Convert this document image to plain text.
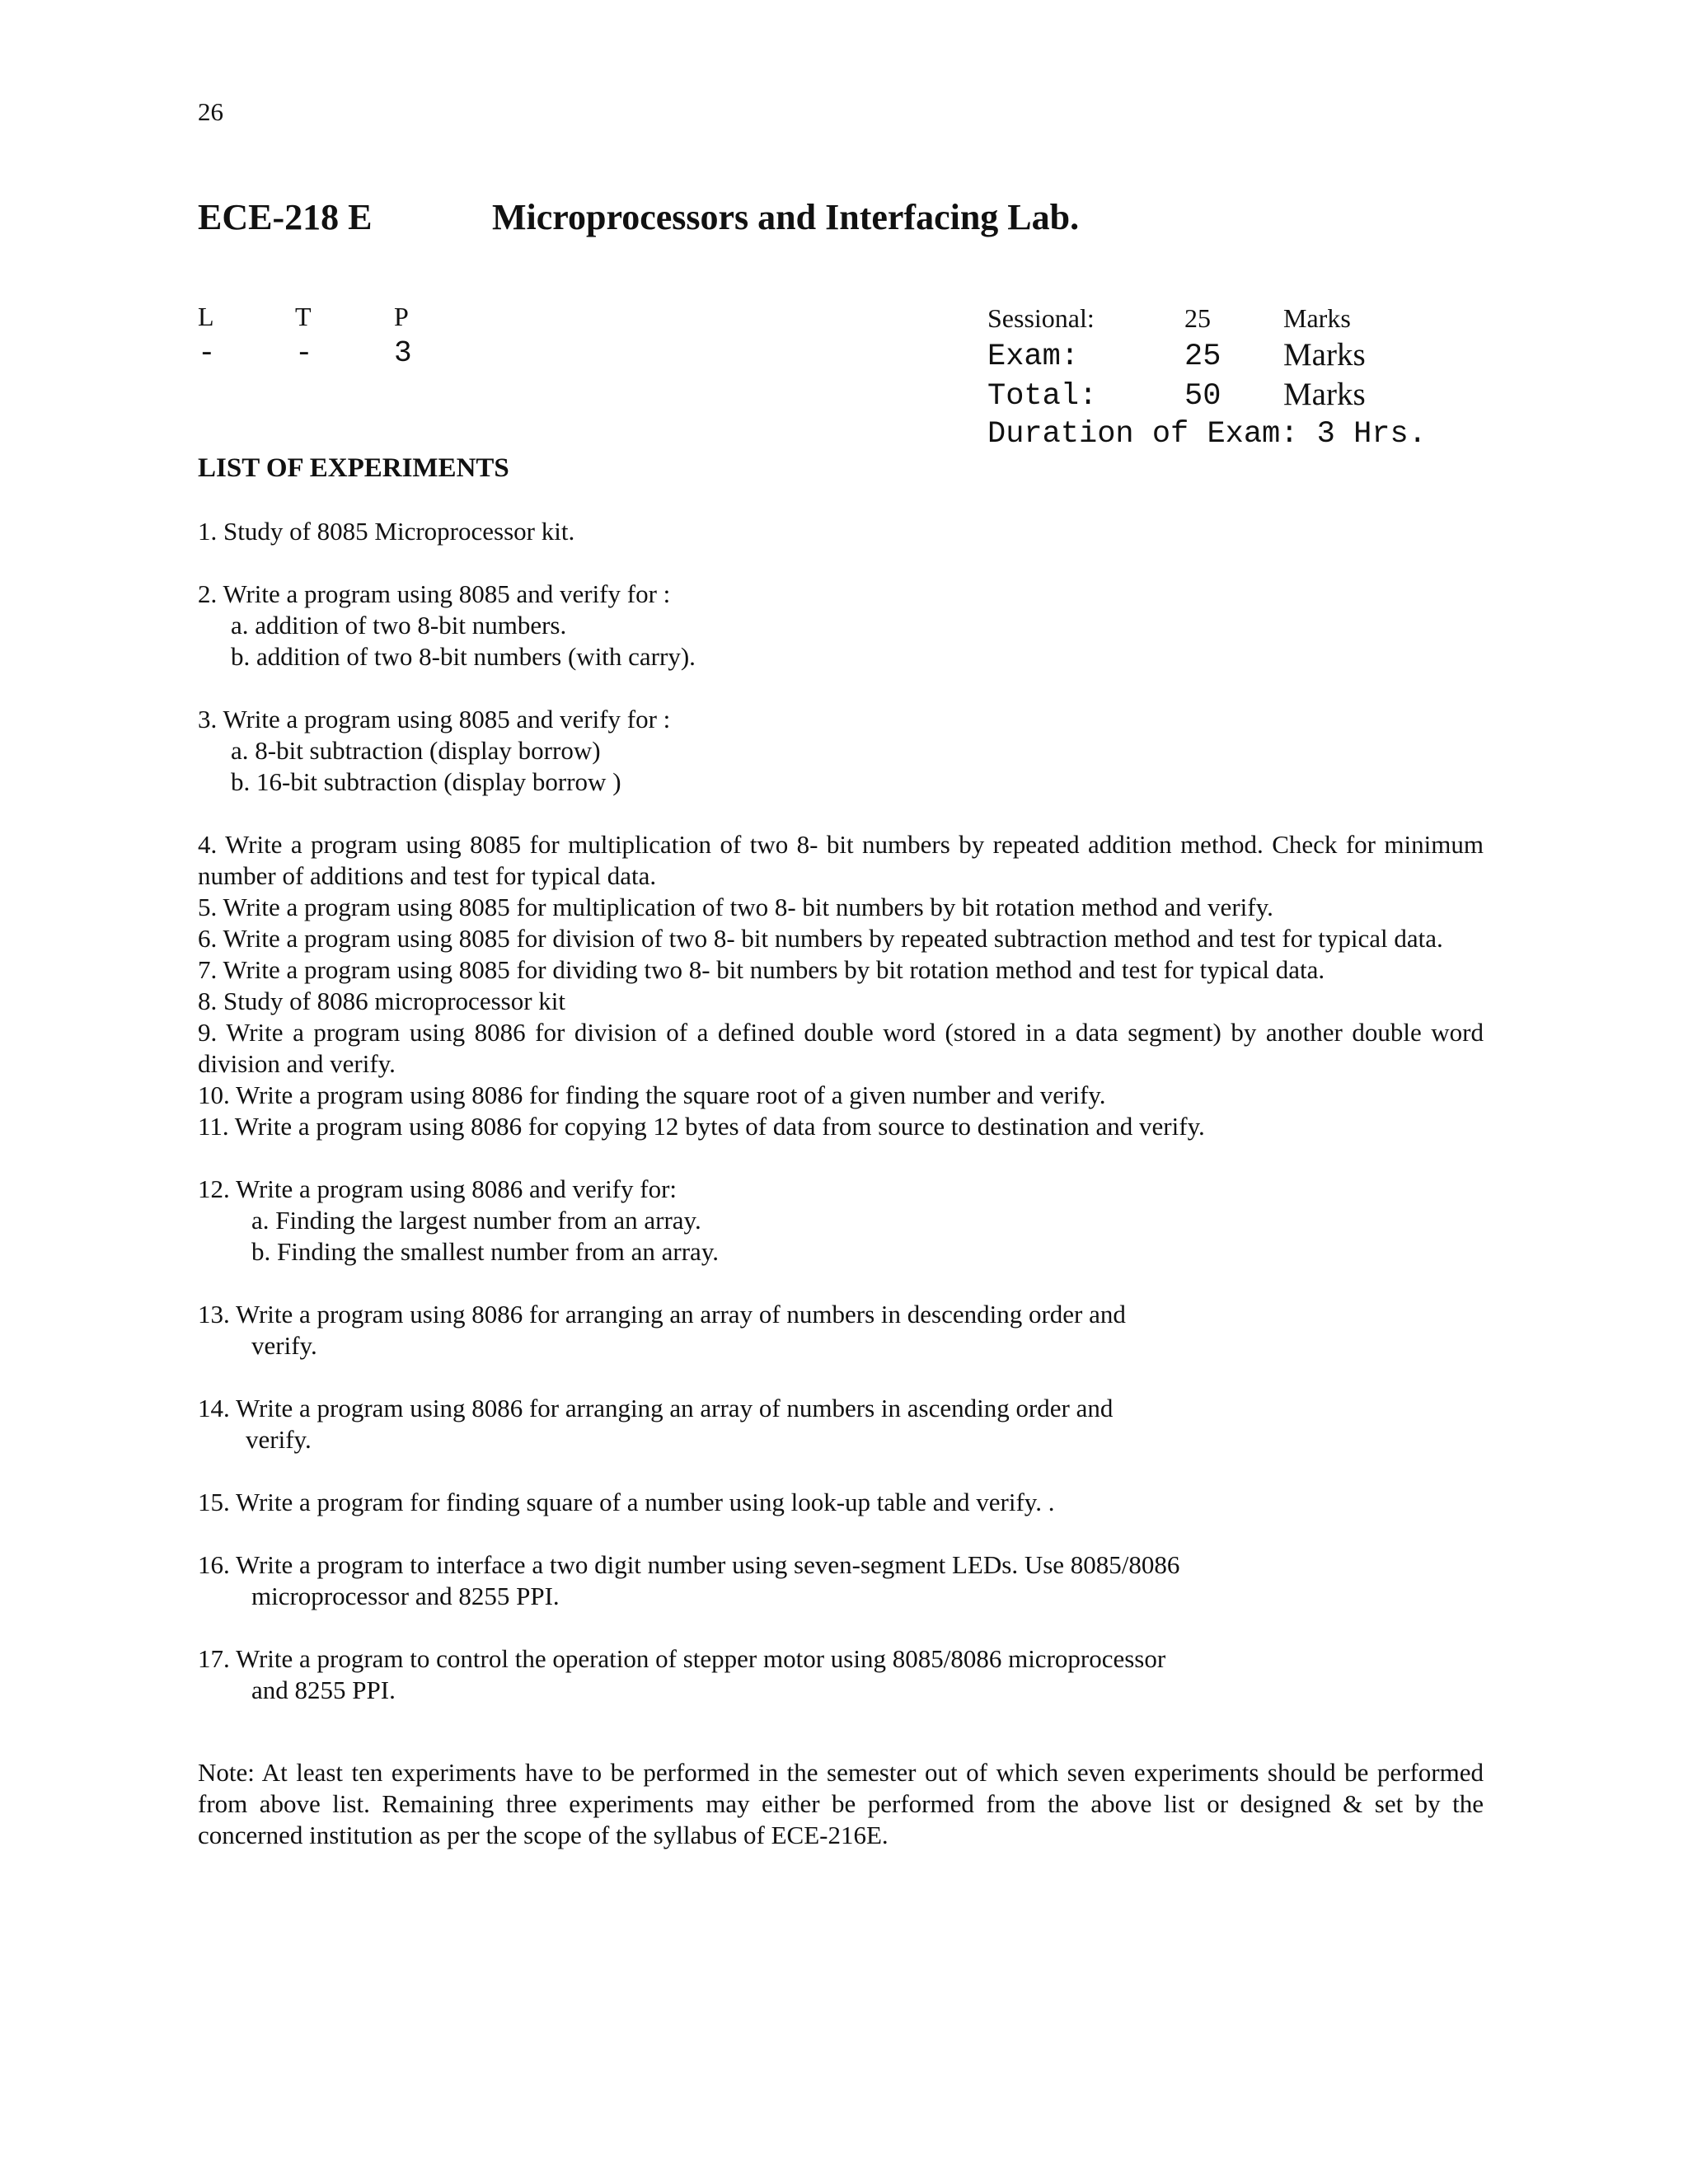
26
ECE-218 E	Microprocessors and Interfacing Lab.
L	T	P
-	-	3
Sessional:	25	Marks
Exam:	25 Marks
Total:	50 Marks
Duration of Exam: 3 Hrs.
LIST OF EXPERIMENTS

1. Study of 8085 Microprocessor kit.

2. Write a program using 8085 and verify for :

a. addition of two 8-bit numbers.

b. addition of two 8-bit numbers (with carry).

3. Write a program using 8085 and verify for :

a. 8-bit subtraction (display borrow)

b. 16-bit subtraction (display borrow )

4. Write a program using 8085 for multiplication of two 8- bit numbers by repeated addition method. Check for minimum number of additions and test for typical data.

5. Write a program using 8085 for multiplication of two 8- bit numbers by bit rotation method and verify.

6. Write a program using 8085 for division of two 8- bit numbers by repeated subtraction method and test for typical data.

7. Write a program using 8085 for dividing two 8- bit numbers by bit rotation method and test for typical data.

8. Study of 8086 microprocessor kit

9. Write a program using 8086 for division of a defined double word (stored in a data segment) by another double word division and verify.

10. Write a program using 8086 for finding the square root of a given number and verify.

11. Write a program using 8086 for copying 12 bytes of data from source to destination and verify.

12. Write a program using 8086 and verify for:

a. Finding the largest number from an array.

b. Finding the smallest number from an array.

13. Write a program using 8086 for arranging an array of numbers in descending order and

verify.

14. Write a program using 8086 for arranging an array of numbers in ascending order and

verify.

15. Write a program for finding square of a number using look-up table and verify. .

16. Write a program to interface a two digit number using seven-segment LEDs. Use 8085/8086

microprocessor and 8255 PPI.

17. Write a program to control the operation of stepper motor using 8085/8086 microprocessor

and 8255 PPI.

Note: At least ten experiments have to be performed in the semester out of which seven experiments should be performed from above list. Remaining three experiments may either be performed from the above list or designed & set by the concerned institution as per the scope of the syllabus of ECE-216E.
